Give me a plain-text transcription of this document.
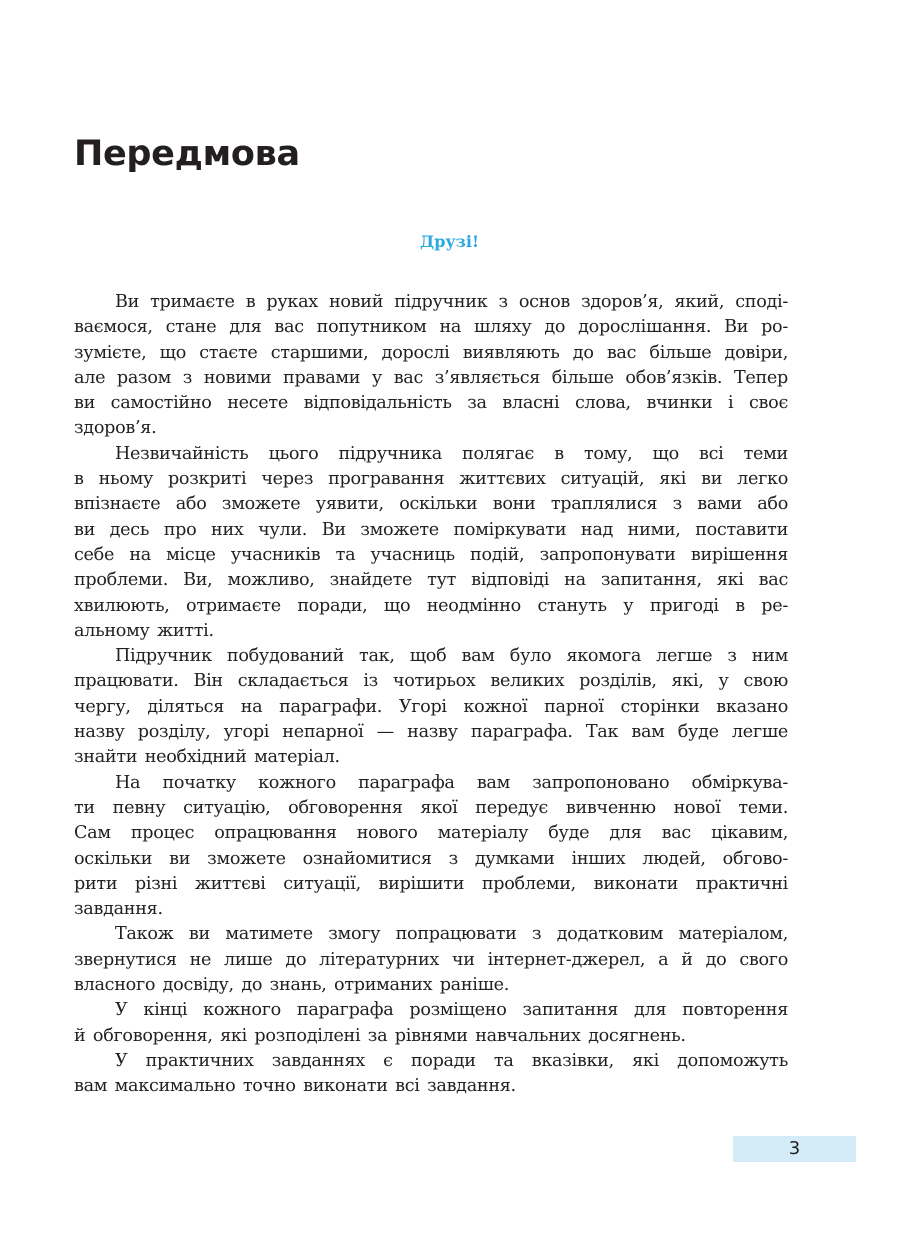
Передмова

Друзі!

Ви тримаєте в руках новий підручник з основ здоров’я, який, споді-
ваємося, стане для вас попутником на шляху до дорослішання. Ви ро-
зумієте, що стаєте старшими, дорослі виявляють до вас більше довіри,
але разом з новими правами у вас з’являється більше обов’язків. Тепер
ви самостійно несете відповідальність за власні слова, вчинки і своє
здоров’я.
Незвичайність цього підручника полягає в тому, що всі теми
в ньому розкриті через програвання життєвих ситуацій, які ви легко
впізнаєте або зможете уявити, оскільки вони траплялися з вами або
ви десь про них чули. Ви зможете поміркувати над ними, поставити
себе на місце учасників та учасниць подій, запропонувати вирішення
проблеми. Ви, можливо, знайдете тут відповіді на запитання, які вас
хвилюють, отримаєте поради, що неодмінно стануть у пригоді в ре-
альному житті.
Підручник побудований так, щоб вам було якомога легше з ним
працювати. Він складається із чотирьох великих розділів, які, у свою
чергу, діляться на параграфи. Угорі кожної парної сторінки вказано
назву розділу, угорі непарної — назву параграфа. Так вам буде легше
знайти необхідний матеріал.
На початку кожного параграфа вам запропоновано обміркува-
ти певну ситуацію, обговорення якої передує вивченню нової теми.
Сам процес опрацювання нового матеріалу буде для вас цікавим,
оскільки ви зможете ознайомитися з думками інших людей, обгово-
рити різні життєві ситуації, вирішити проблеми, виконати практичні
завдання.
Також ви матимете змогу попрацювати з додатковим матеріалом,
звернутися не лише до літературних чи інтернет-джерел, а й до свого
власного досвіду, до знань, отриманих раніше.
У кінці кожного параграфа розміщено запитання для повторення
й обговорення, які розподілені за рівнями навчальних досягнень.
У практичних завданнях є поради та вказівки, які допоможуть
вам максимально точно виконати всі завдання.
3
